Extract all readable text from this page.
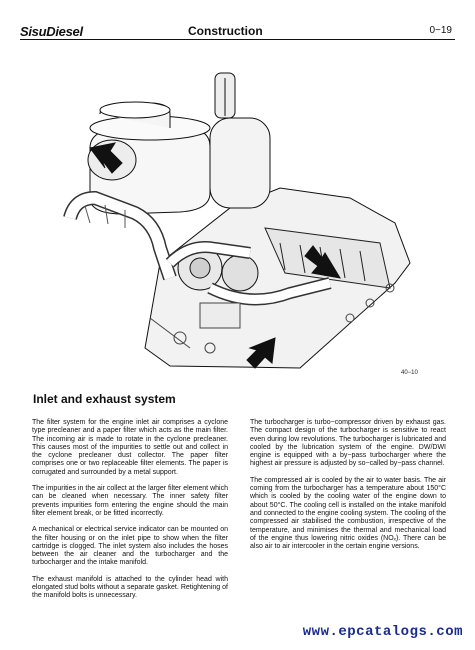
SisuDiesel	Construction	0−19
40−10
Inlet and exhaust system

The filter system for the engine inlet air comprises a cyclone type precleaner and a paper filter which acts as the main filter. The incoming air is made to rotate in the cyclone precleaner. This causes most of the impurities to settle out and collect in the cyclone precleaner dust collector. The paper filter comprises one or two replaceable filter elements. The paper is corrugated and surrounded by a metal support.

The impurities in the air collect at the larger filter element which can be cleaned when necessary. The inner safety filter prevents impurities form entering the engine should the main filter element break, or be fitted incorrectly.

A mechanical or electrical service indicator can be mounted on the filter housing or on the inlet pipe to show when the filter cartridge is clogged. The inlet system also includes the hoses between the air cleaner and the turbocharger and the turbocharger and the intake manifold.

The exhaust manifold is attached to the cylinder head with elongated stud bolts without a separate gasket. Retightening of the manifold bolts is unnecessary.

The turbocharger is turbo−compressor driven by exhaust gas. The compact design of the turbocharger is sensitive to react even during low revolutions. The turbocharger is lubricated and cooled by the lubrication system of the engine. DW/DWI engine is equipped with a by−pass turbocharger where the highest air pressure is adjusted by so−called by−pass channel.

The compressed air is cooled by the air to water basis. The air coming from the turbocharger has a temperature about 150°C which is cooled by the cooling water of the engine down to about 50°C. The cooling cell is installed on the intake manifold and connected to the engine cooling system. The cooling of the compressed air stabilised the combustion, irrespective of the temperature, and minimises the thermal and mechanical load of the engine thus lowering nitric oxides (NOₓ). There can be also air to air intercooler in the certain engine versions.

www.epcatalogs.com
